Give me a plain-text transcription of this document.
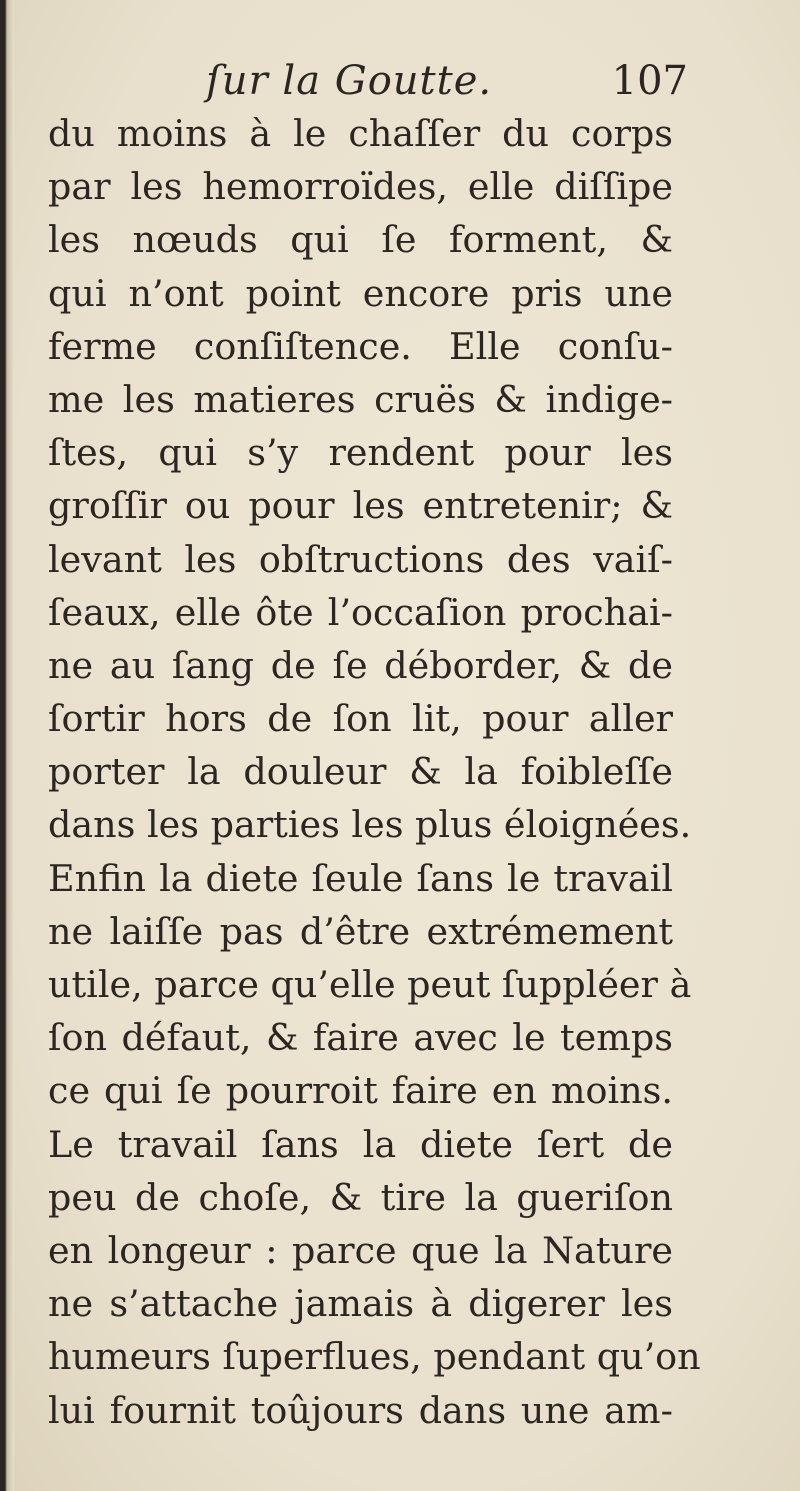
ſur la Goutte.	107
du moins à le chaſſer du corps
par les hemorroïdes, elle diſſipe
les nœuds qui ſe forment, &
qui n’ont point encore pris une
ferme conſiſtence. Elle conſu-
me les matieres cruës & indige-
ſtes, qui s’y rendent pour les
groſſir ou pour les entretenir; &
levant les obſtructions des vaiſ-
ſeaux, elle ôte l’occaſion prochai-
ne au ſang de ſe déborder, & de
ſortir hors de ſon lit, pour aller
porter la douleur & la foibleſſe
dans les parties les plus éloignées.
Enfin la diete ſeule ſans le travail
ne laiſſe pas d’être extrémement
utile, parce qu’elle peut ſuppléer à
ſon défaut, & faire avec le temps
ce qui ſe pourroit faire en moins.
Le travail ſans la diete ſert de
peu de choſe, & tire la gueriſon
en longeur : parce que la Nature
ne s’attache jamais à digerer les
humeurs ſuperflues, pendant qu’on
lui fournit toûjours dans une am-
